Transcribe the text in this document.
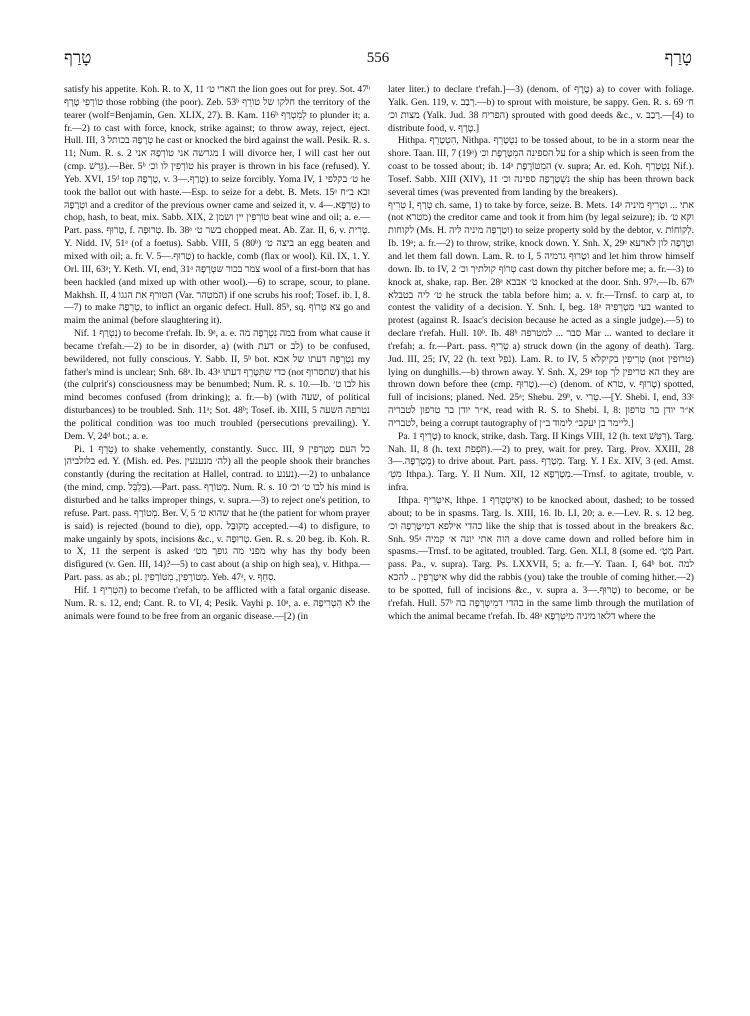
טָרַף	556	טָרַף

satisfy his appetite. Koh. R. to X, 11 הארי ט׳ the lion goes out for prey. Sot. 47ᵇ טוֹרְפֵי טֶרֶף those robbing (the poor). Zeb. 53ᵇ חלקו של טוֹרֵף the territory of the tearer (wolf=Benjamin, Gen. XLIX, 27). B. Kam. 116ᵇ לְמִטְרַף to plunder it; a. fr.—2) to cast with force, knock, strike against; to throw away, reject, eject. Hull. III, 3 טְרָפָהּ בכותל he cast or knocked the bird against the wall. Pesik. R. s. 11; Num. R. s. 2 מגרשה אני טוֹרְפָהּ אני I will divorce her, I will cast her out (cmp. גֵּרֵשׁ).—Ber. 5ᵇ טוֹרְפִין לו וכ׳ his prayer is thrown in his face (refused). Y. Yeb. XVI, 15ᵈ top טָרְפָה, v. טְרַף.—3) to seize forcibly. Yoma IV, 1 ט׳ בקלפי he took the ballot out with haste.—Esp. to seize for a debt. B. Mets. 15ᵃ ובא ב״ח וטְרָפָהּ and a creditor of the previous owner came and seized it, v. טִרְפָּא.—4) to chop, hash, to beat, mix. Sabb. XIX, 2 טוֹרְפִין יין ושמן beat wine and oil; a. e.—Part. pass. טָרוּף, f. טְרוּפָה. Ib. 38ᵃ בשר ט׳ chopped meat. Ab. Zar. II, 6, v. טְרִית. Y. Nidd. IV, 51ᵃ (of a foetus). Sabb. VIII, 5 (80ᵇ) ביצה ט׳ an egg beaten and mixed with oil; a. fr. V. טָרוּף.—5) to hackle, comb (flax or wool). Kil. IX, 1. Y. Orl. III, 63ᵃ; Y. Keth. VI, end, 31ᵃ צמר בכור שטְרָפָהּ wool of a first-born that has been hackled (and mixed up with other wool).—6) to scrape, scour, to plane. Makhsh. II, 4 הטורף את הגגו (Var. המטהר) if one scrubs his roof; Tosef. ib. I, 8.—7) to make טְרֵפָה, to inflict an organic defect. Hull. 85ᵇ, sq. צא טְרוֹף go and maim the animal (before slaughtering it).

Nif. נִטְרַף 1) to become t'refah. Ib. 9ᵃ, a. e. במה נִטְרְפָה מה from what cause it became t'refah.—2) to be in disorder, a) (with דעת or לב) to be confused, bewildered, not fully conscious. Y. Sabb. II, 5ᵇ bot. נִטְרְפָה דעתו של אבא my father's mind is unclear; Snh. 68ᵃ. Ib. 43ᵃ כדי שתִּטָּרֵף דעתו (not שתסרוף) that his (the culprit's) consciousness may be benumbed; Num. R. s. 10.—Ib. לבו ט׳ his mind becomes confused (from drinking); a. fr.—b) (with שעה, of political disturbances) to be troubled. Snh. 11ᵃ; Sot. 48ᵇ; Tosef. ib. XIII, 5 נטרפה השעה the political condition was too much troubled (persecutions prevailing). Y. Dem. V, 24ᵈ bot.; a. e.

Pi. טֵרֵף 1) to shake vehemently, constantly. Succ. III, 9 כל העם מְטָרְפִין בלולביהן ed. Y. (Mish. ed. Pes. לה׳ מנענעין) all the people shook their branches constantly (during the recitation at Hallel, contrad. to נענע).—2) to unbalance (the mind, cmp. בִּלְבֵּל).—Part. pass. מְטוֹרָף. Num. R. s. 10 לבו ט׳ וכ׳ his mind is disturbed and he talks improper things, v. supra.—3) to reject one's petition, to refuse. Part. pass. מְטוֹרָף. Ber. V, 5 שהוא ט׳ that he (the patient for whom prayer is said) is rejected (bound to die), opp. מְקוּבָּל accepted.—4) to disfigure, to make ungainly by spots, incisions &c., v. טְרוּפָה. Gen. R. s. 20 beg. ib. Koh. R. to X, 11 the serpent is asked מפני מה גופך מט׳ why has thy body been disfigured (v. Gen. III, 14)?—5) to cast about (a ship on high sea), v. Hithpa.—Part. pass. as ab.; pl. מְטוֹרָפִין, מְטוֹרָפִין. Yeb. 47ᵃ, v. סִחֵף.

Hif. הִטְרִיף 1) to become t'refah, to be afflicted with a fatal organic disease. Num. R. s. 12, end; Cant. R. to VI, 4; Pesik. Vayhi p. 10ᵃ, a. e. לא הִטְרִיפָה the animals were found to be free from an organic disease.—[2) (in

later liter.) to declare t'refah.]—3) (denom. of טֶרֶף) a) to cover with foliage. Yalk. Gen. 119, v. רְבַב.—b) to sprout with moisture, be sappy. Gen. R. s. 69 ח׳ מצות וכ׳ (Yalk. Jud. 38 הפריח) sprouted with good deeds &c., v. רָבַב.—[4) to distribute food, v. טֶרֶף.]

Hithpa. הִטְטָרֵף, Nithpa. נִטְטָרֵף to be tossed about, to be in a storm near the shore. Taan. III, 7 (19ᵃ) על הספינה המִטָּרֶפֶת וכ׳ for a ship which is seen from the coast to be tossed about; ib. 14ᵃ המִטּוֹרֶפֶת (v. supra; Ar. ed. Koh. נִטְטָרֵף Nif.). Tosef. Sabb. XIII (XIV), 11 נִשְׁטָרְפָה ספינה וכ׳ the ship has been thrown back several times (was prevented from landing by the breakers).

טְרִיף I, טְרַף ch. same, 1) to take by force, seize. B. Mets. 14ᵃ אתי ... וטָרִיף מיניה (not מטרא) the creditor came and took it from him (by legal seizure); ib. וקא ט׳ לקוחות (Ms. H. וטָרְפָה מיניה ליה) to seize property sold by the debtor, v. לְקוֹחוֹת. Ib. 19ᵃ; a. fr.—2) to throw, strike, knock down. Y. Snh. X, 29ᵃ וטָרְפָה לון לארעא and let them fall down. Lam. R. to I, 5 וטָרוּף גרמיה and let him throw himself down. Ib. to IV, 2 טְרוֹף קולתיך וכ׳ cast down thy pitcher before me; a. fr.—3) to knock at, shake, rap. Ber. 28ᵃ ט׳ אבבא knocked at the door. Snh. 97ᵃ.—Ib. 67ᵇ ט׳ ליה בטבלא he struck the tabla before him; a. v. fr.—Trnsf. to carp at, to contest the validity of a decision. Y. Snh. I, beg. 18ᵃ בעי מִטְרְפִיהּ wanted to protest (against R. Isaac's decision because he acted as a single judge).—5) to declare t'refah. Hull. 10ᵇ. Ib. 48ᵇ סבר ... למטרפה Mar ... wanted to declare it t'refah; a. fr.—Part. pass. טְרִיף a) struck down (in the agony of death). Targ. Jud. III, 25; IV, 22 (h. text נֹפֵל). Lam. R. to IV, 5 טְרִיפִין בקיקלא (not טרופין) lying on dunghills.—b) thrown away. Y. Snh. X, 29ᵃ top הא טריפין לך they are thrown down before thee (cmp. טָרוּף).—c) (denom. of טרא, v. טָרוּף) spotted, full of incisions; planed. Ned. 25ᵃ; Shebu. 29ᵇ, v. טְרִי.—[Y. Shebi. I, end, 33ᶜ א״ר יודן בר טרפון לטבריה, read with R. S. to Shebi. I, 8: א״ר יודן בר טרפון לטבריה, being a corrupt tautography of ליימר בן יעקב״ לימוד ב״ן.]

Pa. טָרֵיף 1) to knock, strike, dash. Targ. II Kings VIII, 12 (h. text רִטֵּשׁ). Targ. Nah. II, 8 (h. text תֹּפְפֹת).—2) to prey, wait for prey. Targ. Prov. XXIII, 28 מְטַרְפָה.—3) to drive about. Part. pass. מְטָרַף. Targ. Y. I Ex. XIV, 3 (ed. Amst. מִטְ׳ Ithpa.). Targ. Y. II Num. XII, 12 מְטָרְפָא.—Trnsf. to agitate, trouble, v. infra.

Ithpa. אִיטְּרִיף, Ithpe. אִיטְטְרַף 1) to be knocked about, dashed; to be tossed about; to be in spasms. Targ. Is. XIII, 16. Ib. LI, 20; a. e.—Lev. R. s. 12 beg. כהדי אילפא דמִיטָּרְפָה וכ׳ like the ship that is tossed about in the breakers &c. Snh. 95ᵃ הוה אתי יונה א׳ קמיה a dove came down and rolled before him in spasms.—Trnsf. to be agitated, troubled. Targ. Gen. XLI, 8 (some ed. מִטְ׳ Part. pass. Pa., v. supra). Targ. Ps. LXXVII, 5; a. fr.—Y. Taan. I, 64ᵇ bot. למה אִיטָּרְפִין .. להכא why did the rabbis (you) take the trouble of coming hither.—2) to be spotted, full of incisions &c., v. supra a. טָרוּף.—3) to become, or be t'refah. Hull. 57ᵇ בהדי דמִיטְּרְפָה בה in the same limb through the mutilation of which the animal became t'refah. Ib. 48ᵃ דלאו מיניה מִיטְּרְפָא where the
